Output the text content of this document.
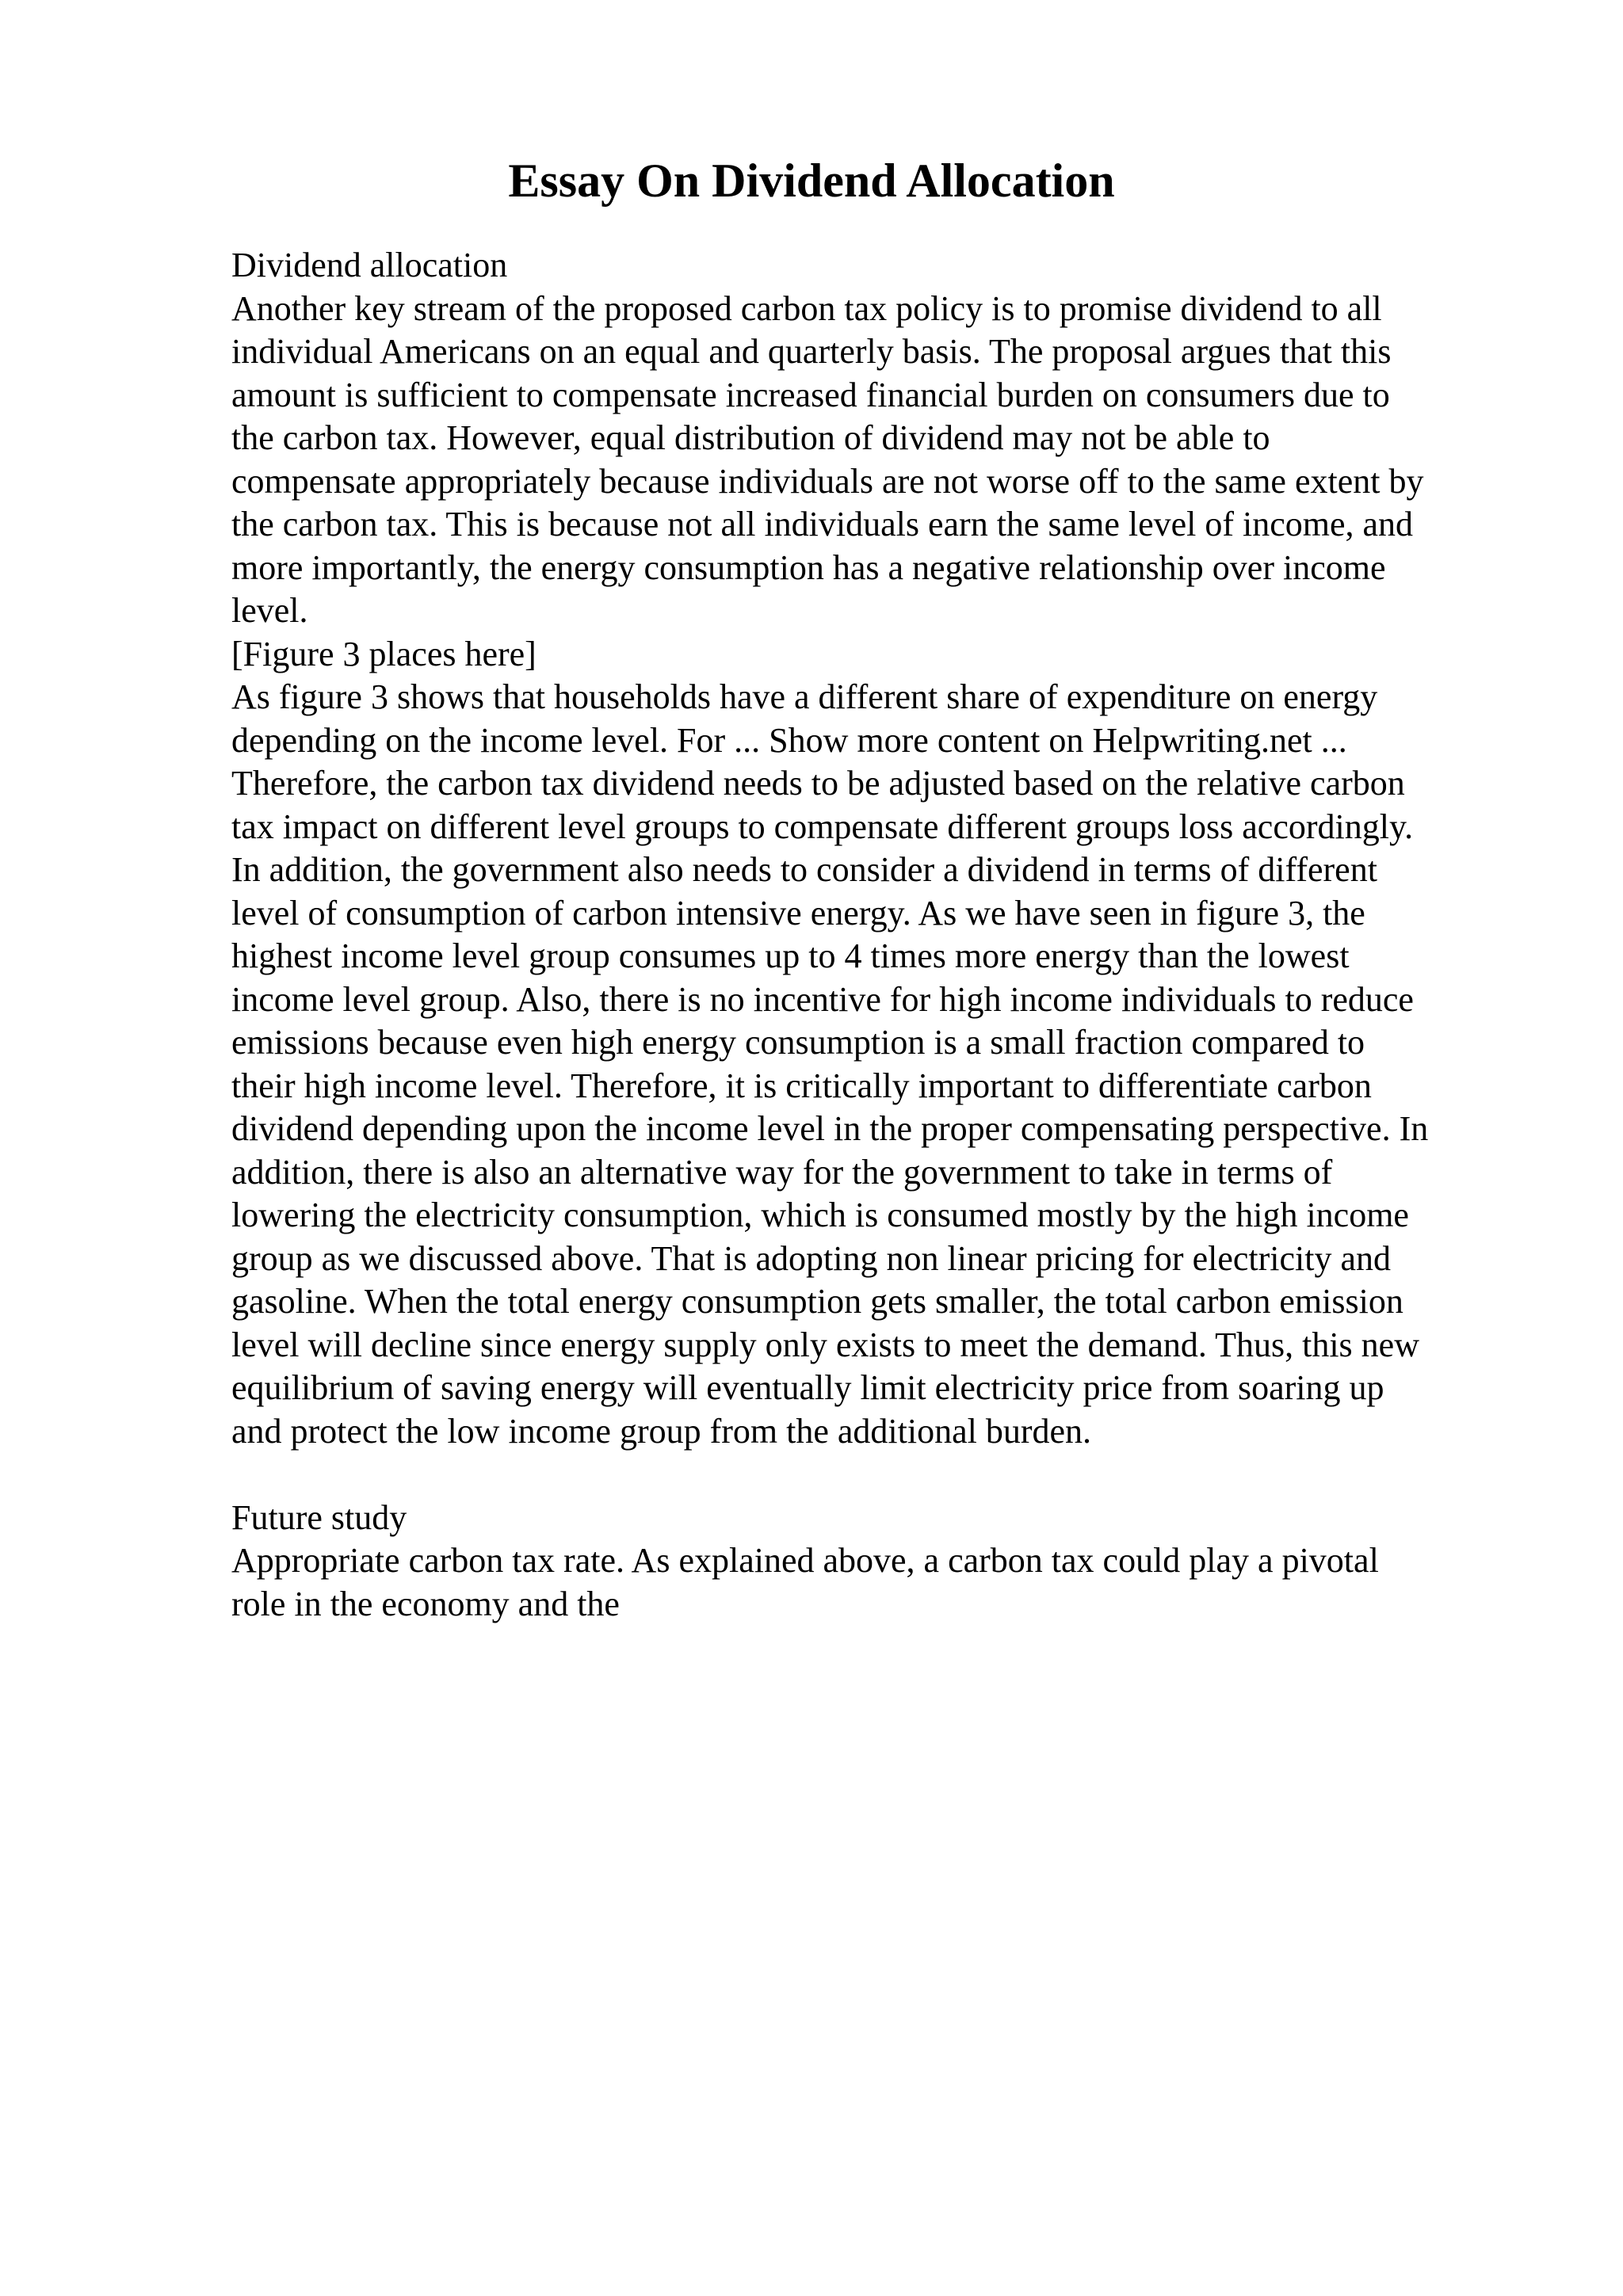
Essay On Dividend Allocation
Dividend allocation
Another key stream of the proposed carbon tax policy is to promise dividend to all
individual Americans on an equal and quarterly basis. The proposal argues that this
amount is sufficient to compensate increased financial burden on consumers due to
the carbon tax. However, equal distribution of dividend may not be able to
compensate appropriately because individuals are not worse off to the same extent by
the carbon tax. This is because not all individuals earn the same level of income, and
more importantly, the energy consumption has a negative relationship over income
level.
[Figure 3 places here]
As figure 3 shows that households have a different share of expenditure on energy
depending on the income level. For ... Show more content on Helpwriting.net ...
Therefore, the carbon tax dividend needs to be adjusted based on the relative carbon
tax impact on different level groups to compensate different groups loss accordingly.
In addition, the government also needs to consider a dividend in terms of different
level of consumption of carbon intensive energy. As we have seen in figure 3, the
highest income level group consumes up to 4 times more energy than the lowest
income level group. Also, there is no incentive for high income individuals to reduce
emissions because even high energy consumption is a small fraction compared to
their high income level. Therefore, it is critically important to differentiate carbon
dividend depending upon the income level in the proper compensating perspective. In
addition, there is also an alternative way for the government to take in terms of
lowering the electricity consumption, which is consumed mostly by the high income
group as we discussed above. That is adopting non linear pricing for electricity and
gasoline. When the total energy consumption gets smaller, the total carbon emission
level will decline since energy supply only exists to meet the demand. Thus, this new
equilibrium of saving energy will eventually limit electricity price from soaring up
and protect the low income group from the additional burden.
Future study
Appropriate carbon tax rate. As explained above, a carbon tax could play a pivotal
role in the economy and the
